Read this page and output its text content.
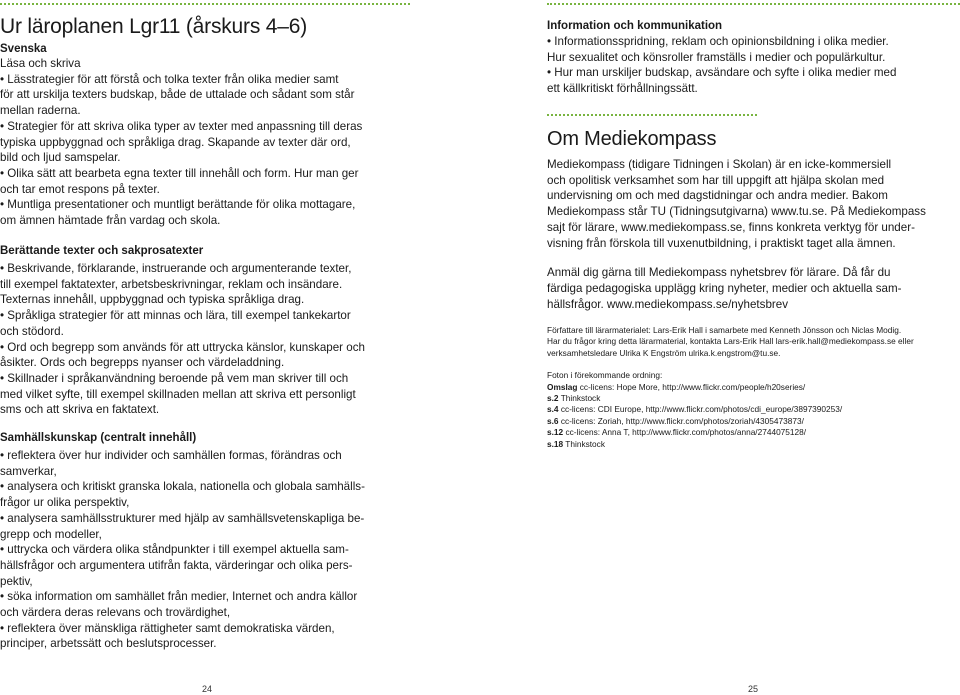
Ur läroplanen Lgr11 (årskurs 4–6)
Svenska

Läsa och skriva

• Lässtrategier för att förstå och tolka texter från olika medier samt

för att urskilja texters budskap, både de uttalade och sådant som står

mellan raderna.

• Strategier för att skriva olika typer av texter med anpassning till deras

typiska uppbyggnad och språkliga drag. Skapande av texter där ord,

bild och ljud samspelar.

• Olika sätt att bearbeta egna texter till innehåll och form. Hur man ger

och tar emot respons på texter.

• Muntliga presentationer och muntligt berättande för olika mottagare,

om ämnen hämtade från vardag och skola.

Berättande texter och sakprosatexter

• Beskrivande, förklarande, instruerande och argumenterande texter,

till exempel faktatexter, arbetsbeskrivningar, reklam och insändare.

Texternas innehåll, uppbyggnad och typiska språkliga drag.

• Språkliga strategier för att minnas och lära, till exempel tankekartor

och stödord.

• Ord och begrepp som används för att uttrycka känslor, kunskaper och

åsikter. Ords och begrepps nyanser och värdeladdning.

• Skillnader i språkanvändning beroende på vem man skriver till och

med vilket syfte, till exempel skillnaden mellan att skriva ett personligt

sms och att skriva en faktatext.

Samhällskunskap (centralt innehåll)

• reflektera över hur individer och samhällen formas, förändras och

samverkar,

• analysera och kritiskt granska lokala, nationella och globala samhälls-

frågor ur olika perspektiv,

• analysera samhällsstrukturer med hjälp av samhällsvetenskapliga be-

grepp och modeller,

• uttrycka och värdera olika ståndpunkter i till exempel aktuella sam-

hällsfrågor och argumentera utifrån fakta, värderingar och olika pers-

pektiv,

• söka information om samhället från medier, Internet och andra källor

och värdera deras relevans och trovärdighet,

• reflektera över mänskliga rättigheter samt demokratiska värden,

principer, arbetssätt och beslutsprocesser.

24
Information och kommunikation

• Informationsspridning, reklam och opinionsbildning i olika medier.

Hur sexualitet och könsroller framställs i medier och populärkultur.

• Hur man urskiljer budskap, avsändare och syfte i olika medier med

ett källkritiskt förhållningssätt.

Om Mediekompass

Mediekompass (tidigare Tidningen i Skolan) är en icke-kommersiell

och opolitisk verksamhet som har till uppgift att hjälpa skolan med

undervisning om och med dagstidningar och andra medier. Bakom

Mediekompass står TU (Tidningsutgivarna) www.tu.se. På Mediekompass

sajt för lärare, www.mediekompass.se, finns konkreta verktyg för under-

visning från förskola till vuxenutbildning, i praktiskt taget alla ämnen.

Anmäl dig gärna till Mediekompass nyhetsbrev för lärare. Då får du

färdiga pedagogiska upplägg kring nyheter, medier och aktuella sam-

hällsfrågor. www.mediekompass.se/nyhetsbrev

Författare till lärarmaterialet: Lars-Erik Hall i samarbete med Kenneth Jönsson och Niclas Modig.

Har du frågor kring detta lärarmaterial, kontakta Lars-Erik Hall lars-erik.hall@mediekompass.se eller

verksamhetsledare Ulrika K Engström ulrika.k.engstrom@tu.se.

Foton i förekommande ordning:

Omslag cc-licens: Hope More, http://www.flickr.com/people/h20series/

s.2 Thinkstock

s.4 cc-licens: CDI Europe, http://www.flickr.com/photos/cdi_europe/3897390253/

s.6 cc-licens: Zoriah, http://www.flickr.com/photos/zoriah/4305473873/

s.12 cc-licens: Anna T, http://www.flickr.com/photos/anna/2744075128/

s.18 Thinkstock

25
